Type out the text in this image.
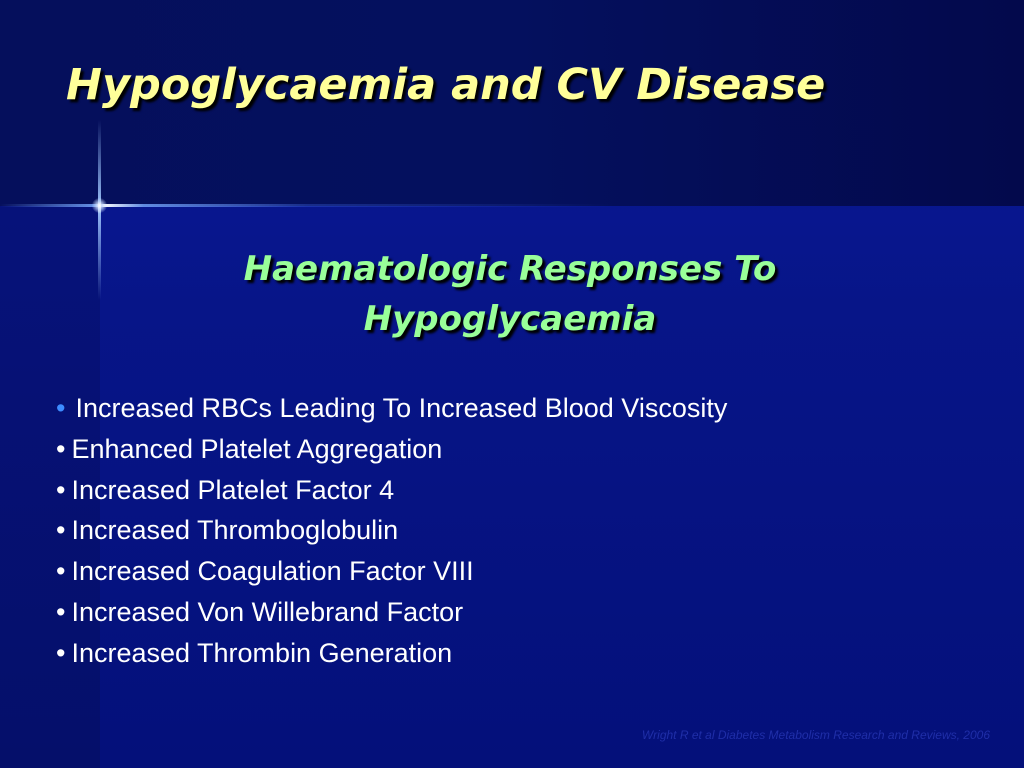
Hypoglycaemia and CV Disease
Haematologic Responses To Hypoglycaemia
• Increased RBCs Leading To Increased Blood Viscosity
• Enhanced Platelet Aggregation
• Increased Platelet Factor 4
• Increased Thromboglobulin
• Increased Coagulation Factor VIII
• Increased Von Willebrand Factor
• Increased Thrombin Generation
Wright R et al Diabetes Metabolism Research and Reviews, 2006
